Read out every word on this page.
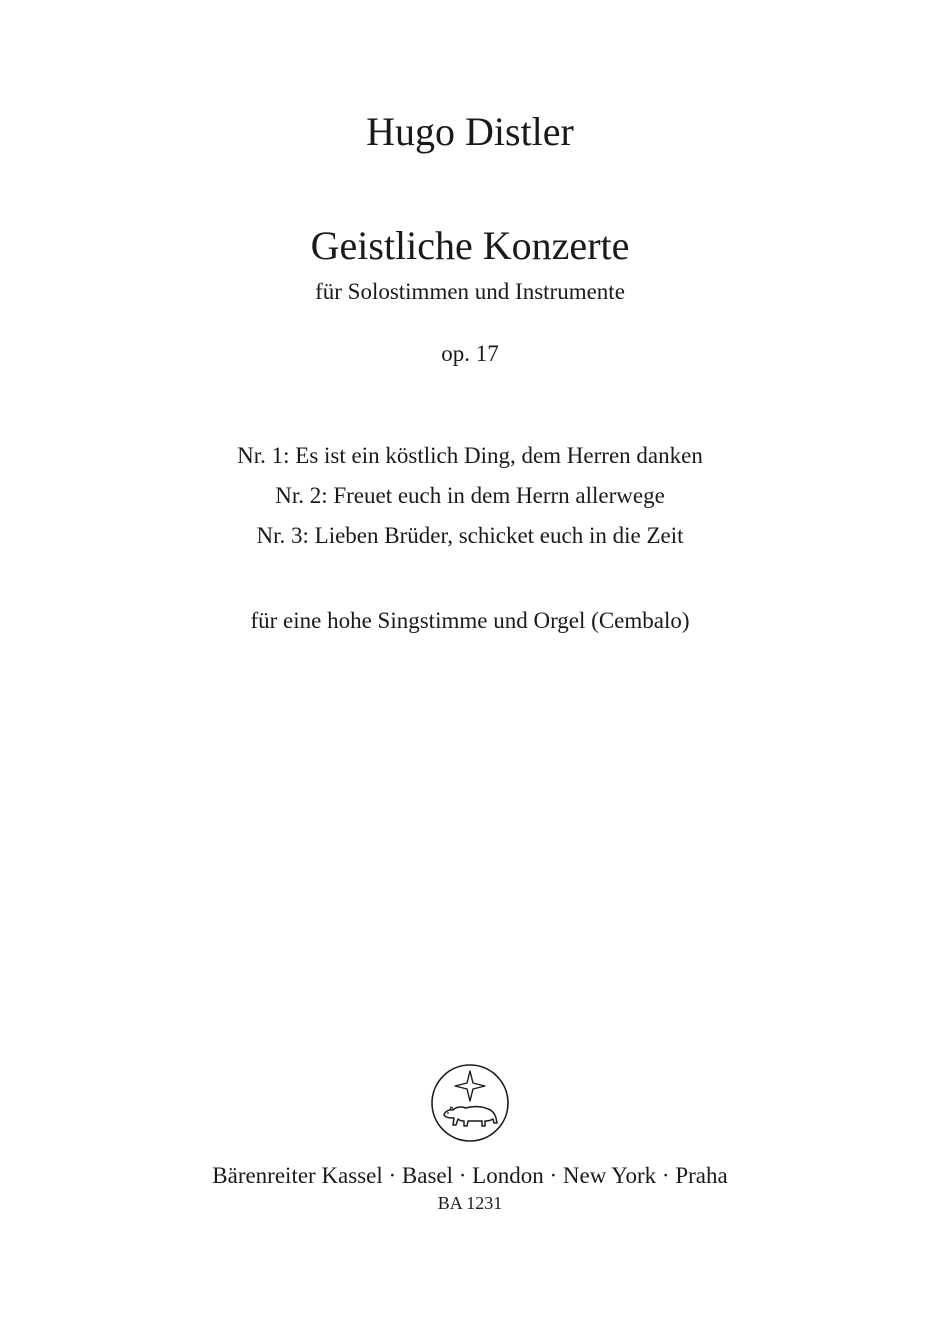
Hugo Distler
Geistliche Konzerte
für Solostimmen und Instrumente
op. 17
Nr. 1: Es ist ein köstlich Ding, dem Herren danken
Nr. 2: Freuet euch in dem Herrn allerwege
Nr. 3: Lieben Brüder, schicket euch in die Zeit
für eine hohe Singstimme und Orgel (Cembalo)
Bärenreiter Kassel · Basel · London · New York · Praha
BA 1231
